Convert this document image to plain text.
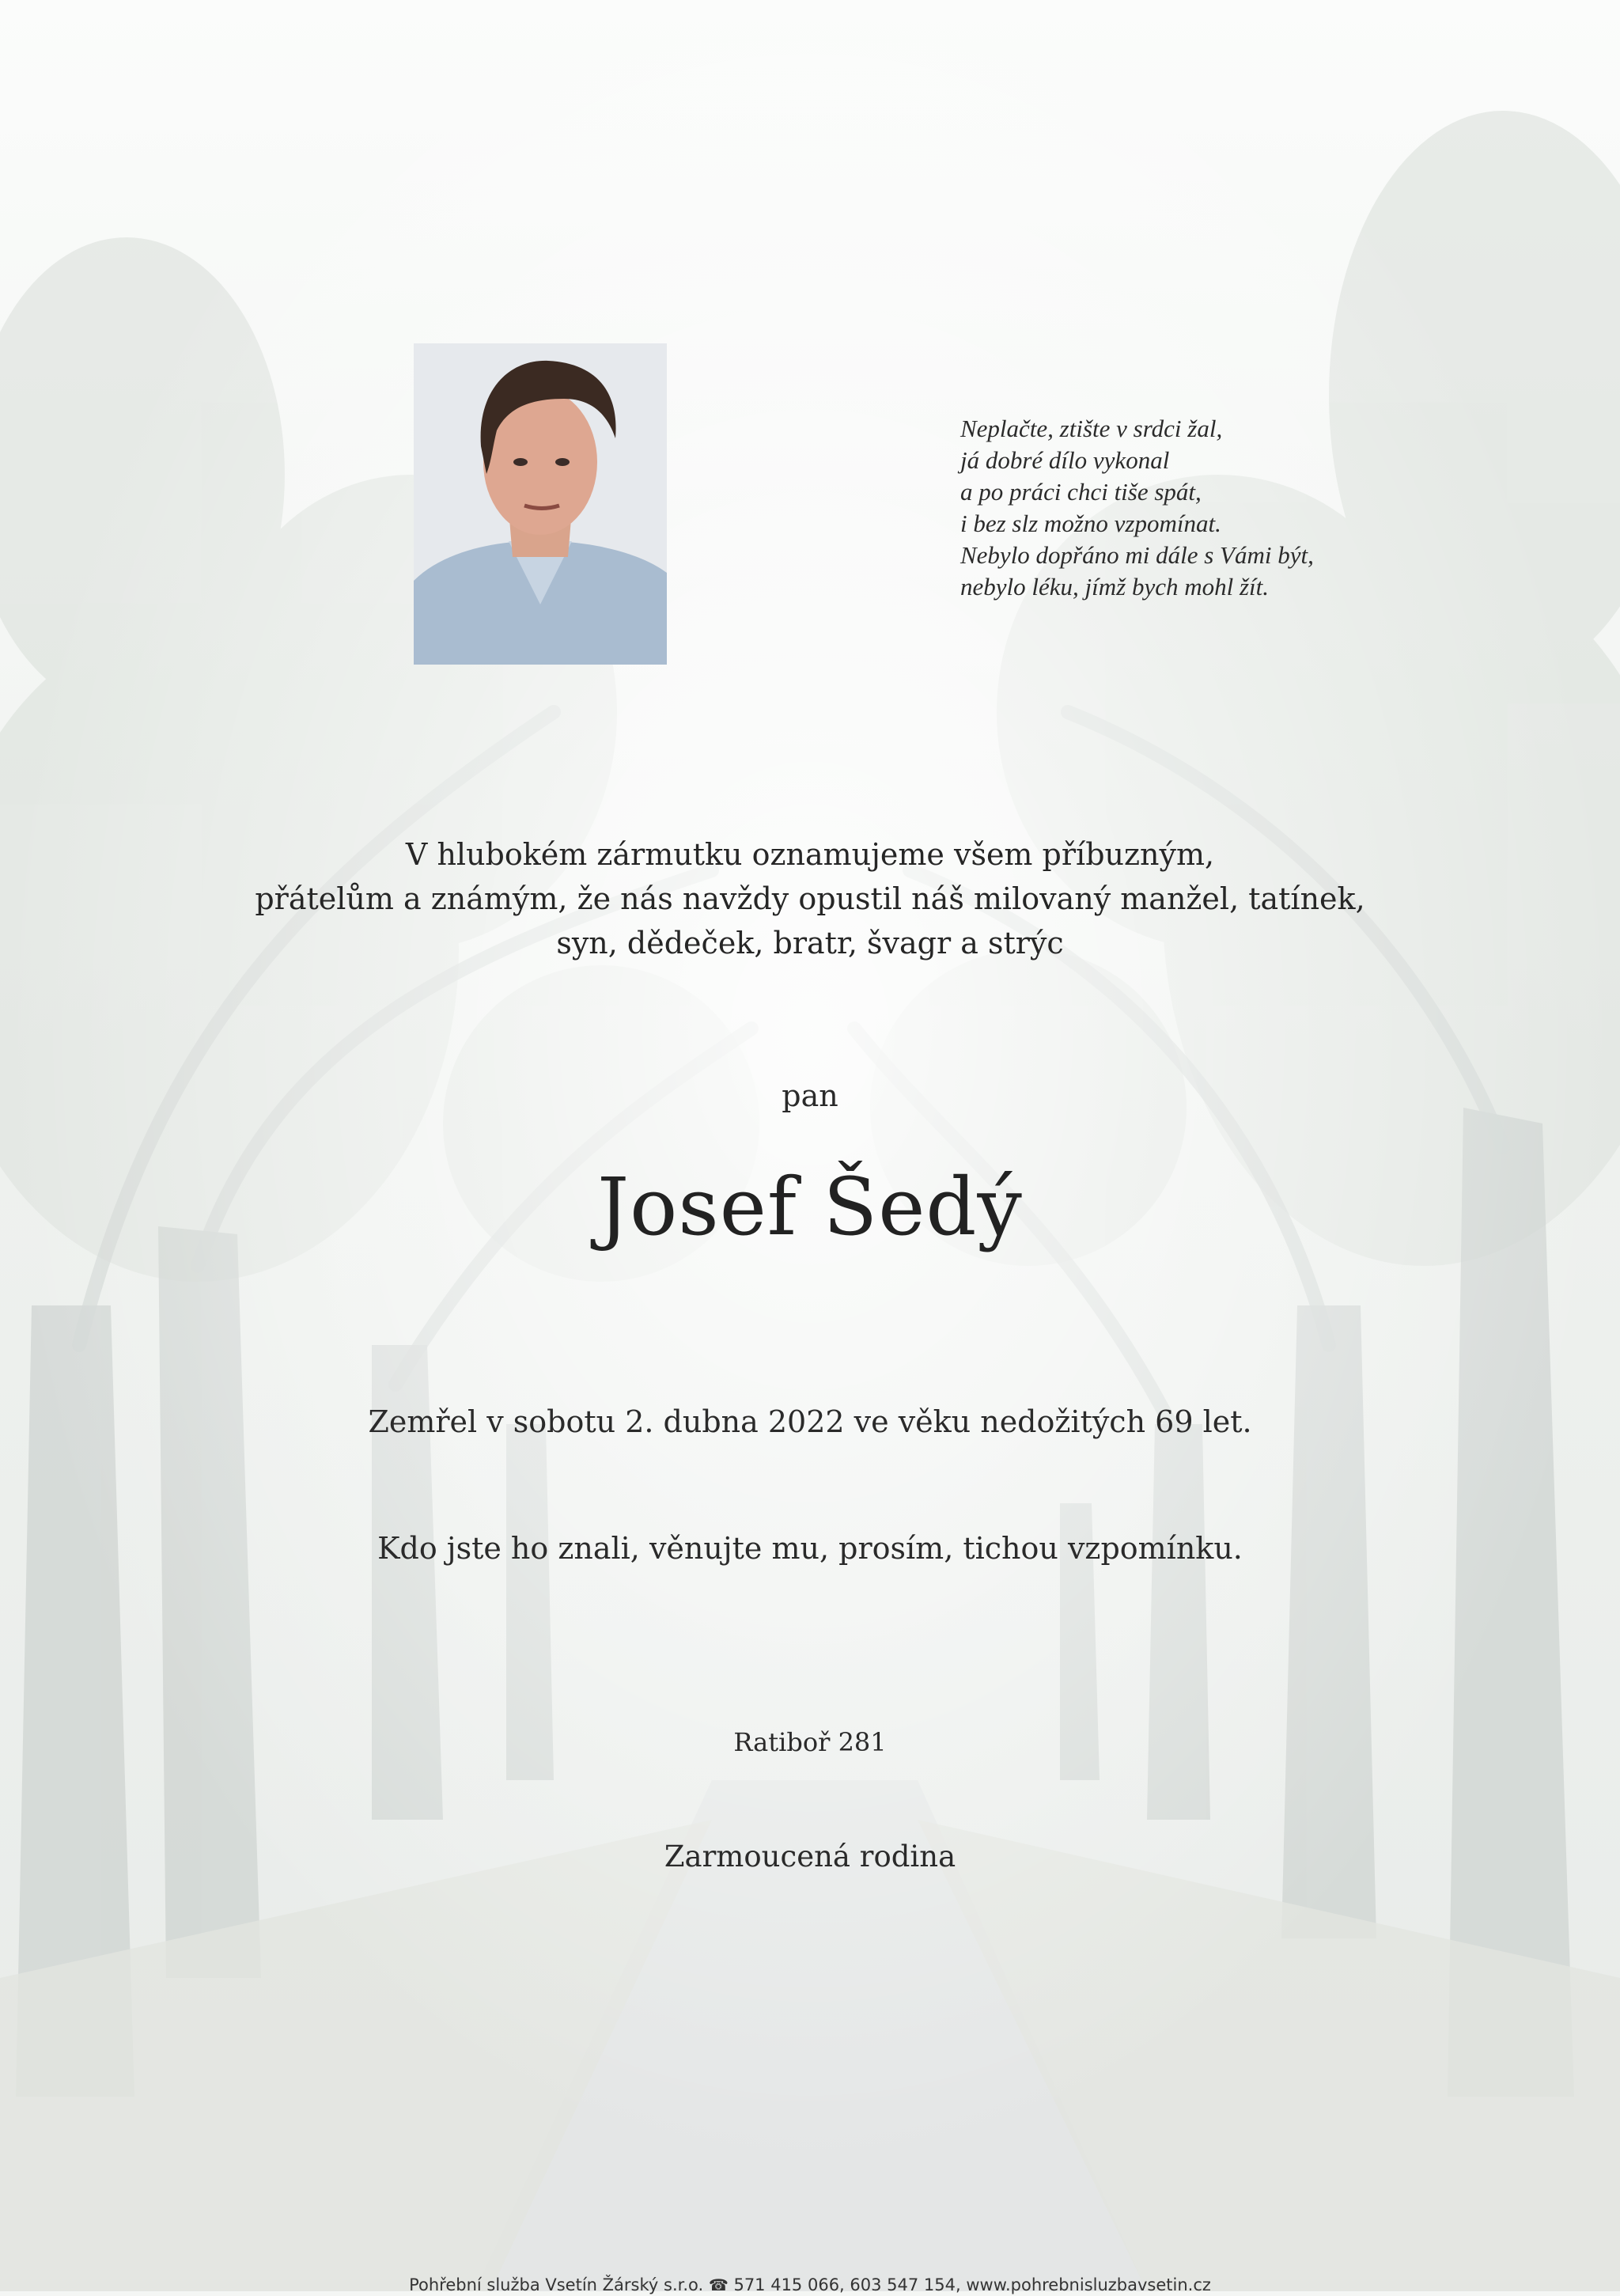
Neplačte, ztište v srdci žal,
já dobré dílo vykonal
a po práci chci tiše spát,
i bez slz možno vzpomínat.
Nebylo dopřáno mi dále s Vámi být,
nebylo léku, jímž bych mohl žít.
V hlubokém zármutku oznamujeme všem příbuzným,
přátelům a známým, že nás navždy opustil náš milovaný manžel, tatínek,
syn, dědeček, bratr, švagr a strýc
pan
Josef Šedý
Zemřel v sobotu 2. dubna 2022 ve věku nedožitých 69 let.
Kdo jste ho znali, věnujte mu, prosím, tichou vzpomínku.
Ratiboř 281
Zarmoucená rodina
Pohřební služba Vsetín Žárský s.r.o. ☎ 571 415 066, 603 547 154, www.pohrebnisluzbavsetin.cz
